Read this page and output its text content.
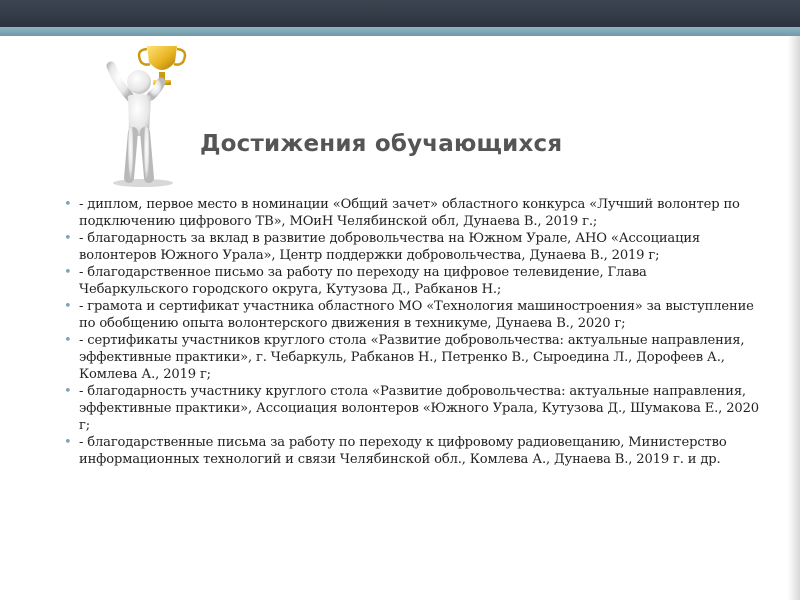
Достижения обучающихся
• - диплом, первое место в номинации «Общий зачет» областного конкурса «Лучший волонтер по подключению цифрового ТВ», МОиН Челябинской обл, Дунаева В., 2019 г.;
• - благодарность за вклад в развитие добровольчества на Южном Урале, АНО «Ассоциация волонтеров Южного Урала», Центр поддержки добровольчества, Дунаева В., 2019 г;
• - благодарственное письмо за работу по переходу на цифровое телевидение, Глава Чебаркульского городского округа, Кутузова Д., Рабканов Н.;
• - грамота и сертификат участника областного МО «Технология машиностроения» за выступление по обобщению опыта волонтерского движения в техникуме, Дунаева В., 2020 г;
• - сертификаты участников круглого стола «Развитие добровольчества: актуальные направления, эффективные практики», г. Чебаркуль, Рабканов Н., Петренко В., Сыроедина Л., Дорофеев А., Комлева А., 2019 г;
• - благодарность участнику круглого стола «Развитие добровольчества: актуальные направления, эффективные практики», Ассоциация волонтеров «Южного Урала, Кутузова Д., Шумакова Е., 2020 г;
• - благодарственные письма за работу по переходу к цифровому радиовещанию, Министерство информационных технологий и связи Челябинской обл., Комлева А., Дунаева В., 2019 г. и др.
